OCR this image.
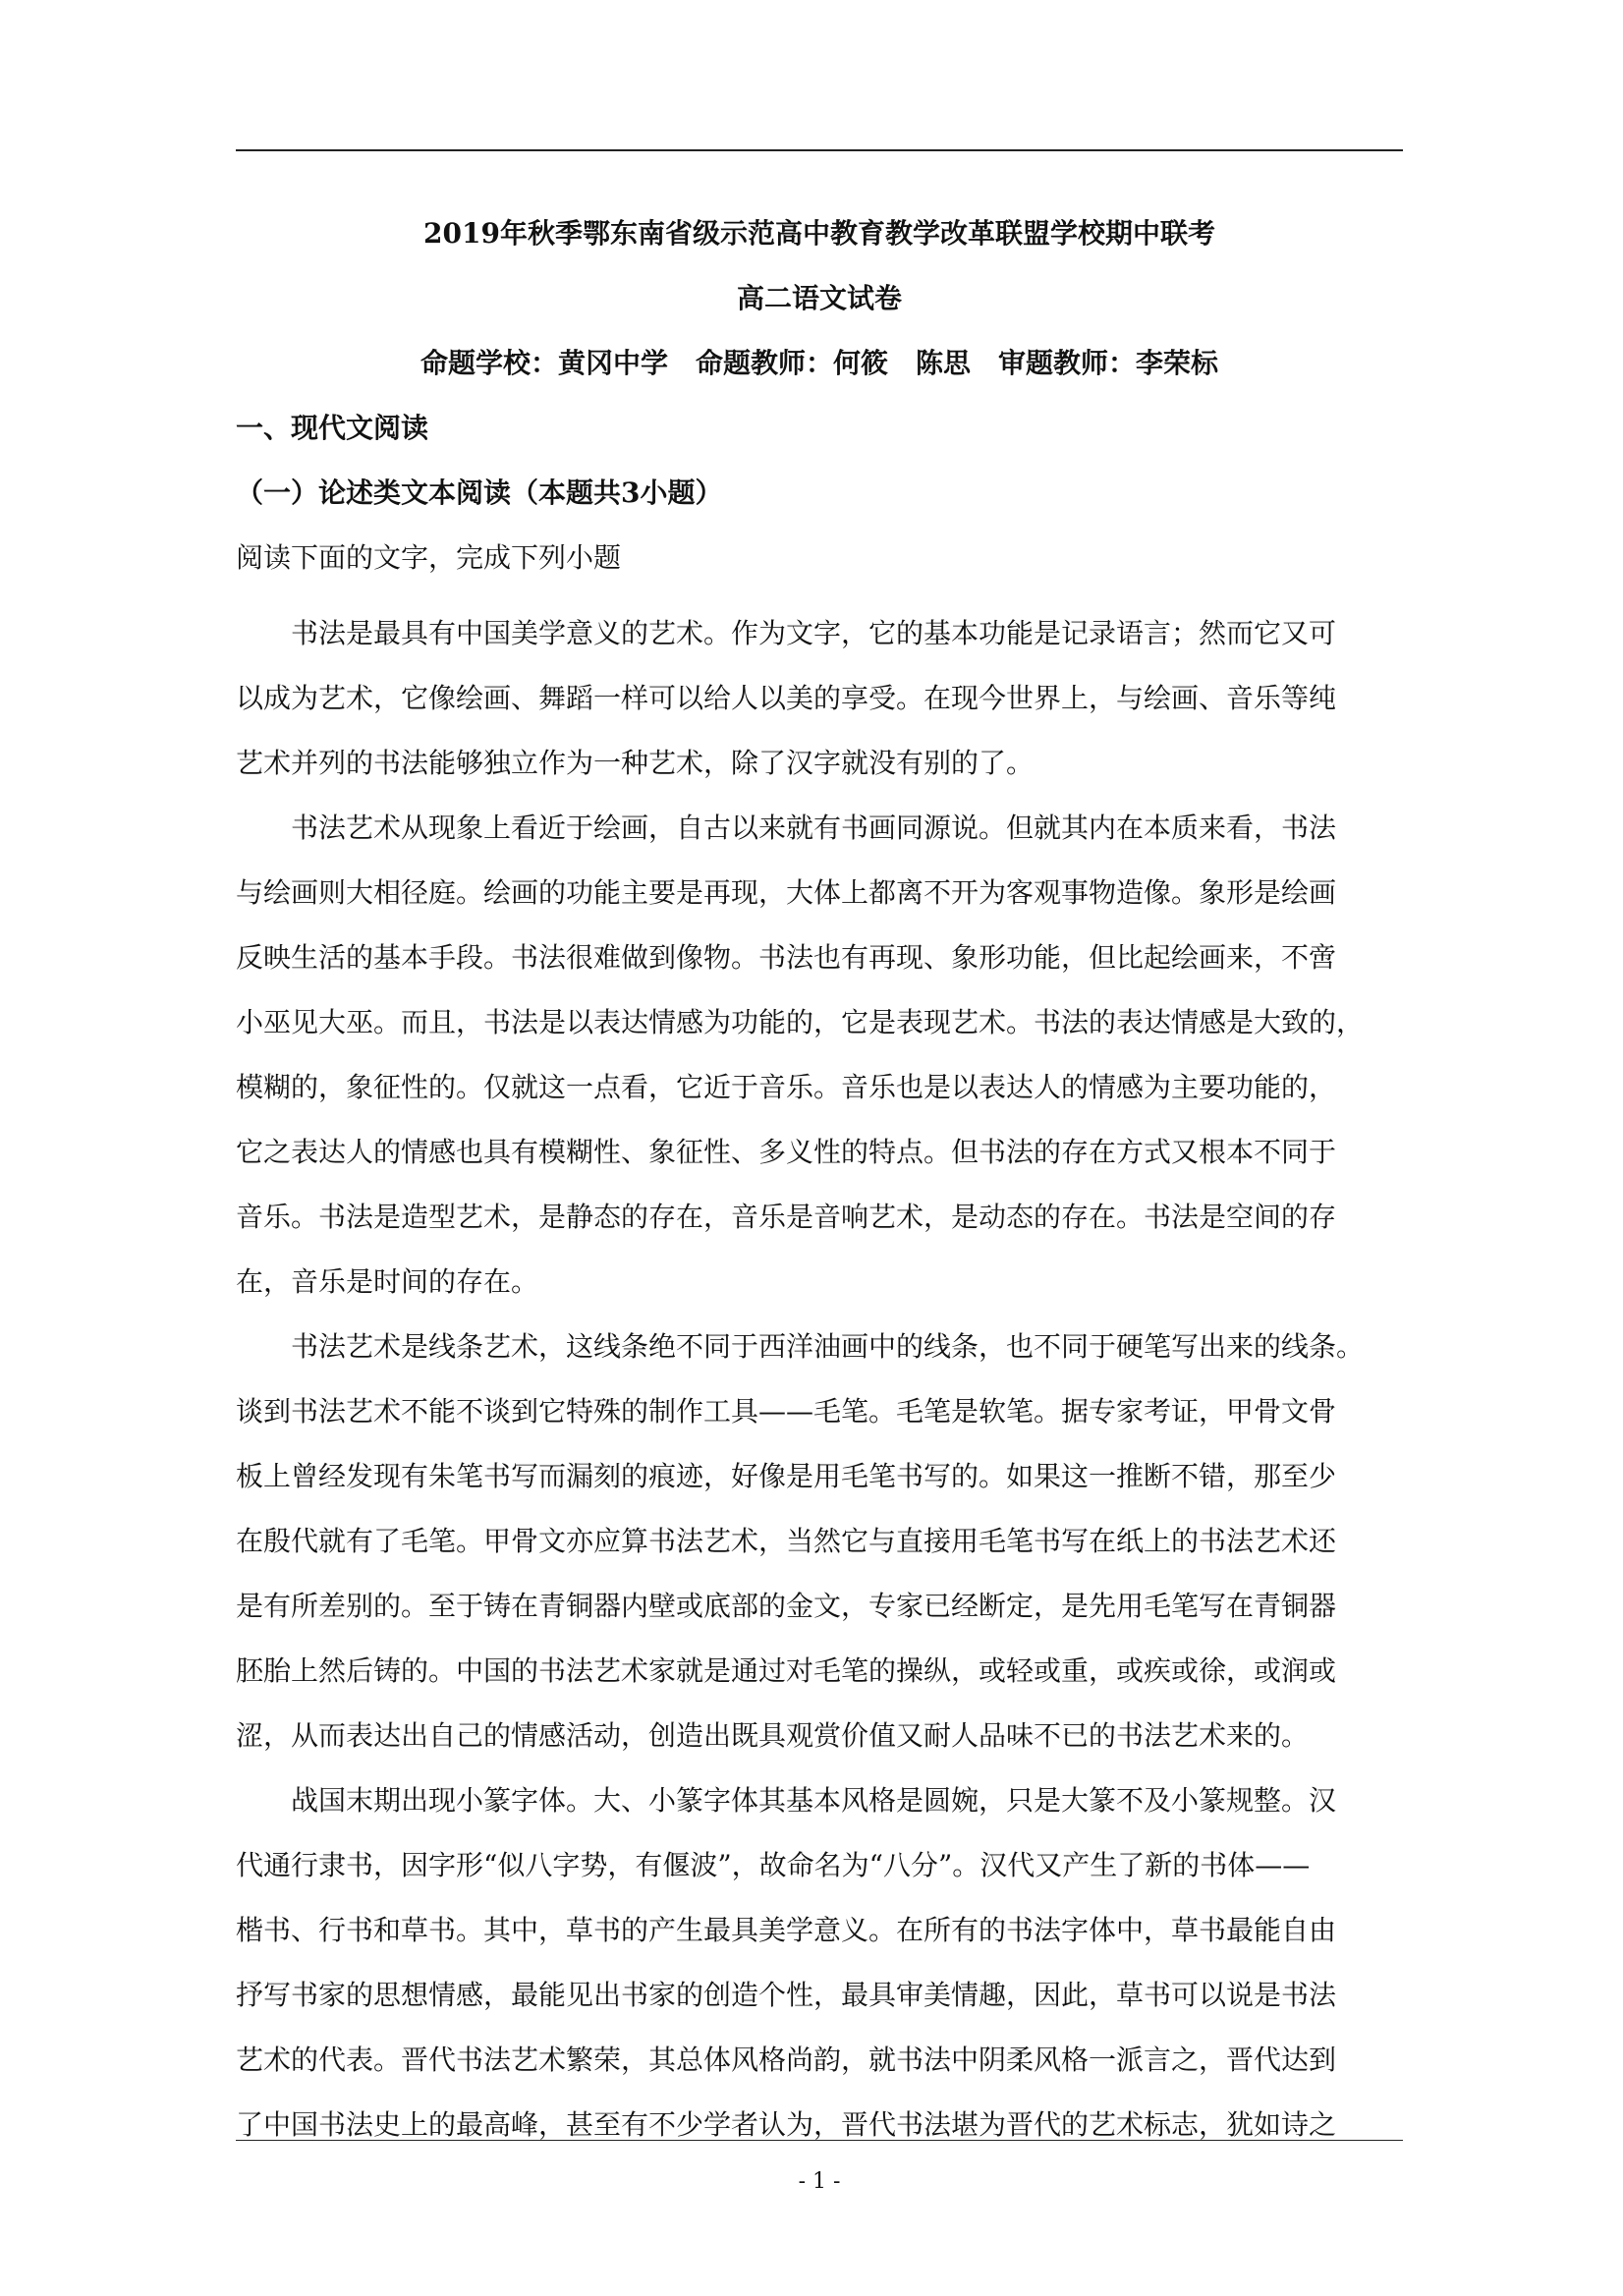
2019年秋季鄂东南省级示范高中教育教学改革联盟学校期中联考
高二语文试卷
命题学校：黄冈中学　命题教师：何筱　陈思　审题教师：李荣标
一、现代文阅读
（一）论述类文本阅读（本题共3小题）
阅读下面的文字，完成下列小题
　　书法是最具有中国美学意义的艺术。作为文字，它的基本功能是记录语言；然而它又可
以成为艺术，它像绘画、舞蹈一样可以给人以美的享受。在现今世界上，与绘画、音乐等纯
艺术并列的书法能够独立作为一种艺术，除了汉字就没有别的了。
　　书法艺术从现象上看近于绘画，自古以来就有书画同源说。但就其内在本质来看，书法
与绘画则大相径庭。绘画的功能主要是再现，大体上都离不开为客观事物造像。象形是绘画
反映生活的基本手段。书法很难做到像物。书法也有再现、象形功能，但比起绘画来，不啻
小巫见大巫。而且，书法是以表达情感为功能的，它是表现艺术。书法的表达情感是大致的，
模糊的，象征性的。仅就这一点看，它近于音乐。音乐也是以表达人的情感为主要功能的，
它之表达人的情感也具有模糊性、象征性、多义性的特点。但书法的存在方式又根本不同于
音乐。书法是造型艺术，是静态的存在，音乐是音响艺术，是动态的存在。书法是空间的存
在，音乐是时间的存在。
　　书法艺术是线条艺术，这线条绝不同于西洋油画中的线条，也不同于硬笔写出来的线条。
谈到书法艺术不能不谈到它特殊的制作工具——毛笔。毛笔是软笔。据专家考证，甲骨文骨
板上曾经发现有朱笔书写而漏刻的痕迹，好像是用毛笔书写的。如果这一推断不错，那至少
在殷代就有了毛笔。甲骨文亦应算书法艺术，当然它与直接用毛笔书写在纸上的书法艺术还
是有所差别的。至于铸在青铜器内壁或底部的金文，专家已经断定，是先用毛笔写在青铜器
胚胎上然后铸的。中国的书法艺术家就是通过对毛笔的操纵，或轻或重，或疾或徐，或润或
涩，从而表达出自己的情感活动，创造出既具观赏价值又耐人品味不已的书法艺术来的。
　　战国末期出现小篆字体。大、小篆字体其基本风格是圆婉，只是大篆不及小篆规整。汉
代通行隶书，因字形“似八字势，有偃波”，故命名为“八分”。汉代又产生了新的书体——
楷书、行书和草书。其中，草书的产生最具美学意义。在所有的书法字体中，草书最能自由
抒写书家的思想情感，最能见出书家的创造个性，最具审美情趣，因此，草书可以说是书法
艺术的代表。晋代书法艺术繁荣，其总体风格尚韵，就书法中阴柔风格一派言之，晋代达到
了中国书法史上的最高峰，甚至有不少学者认为，晋代书法堪为晋代的艺术标志，犹如诗之
- 1 -
